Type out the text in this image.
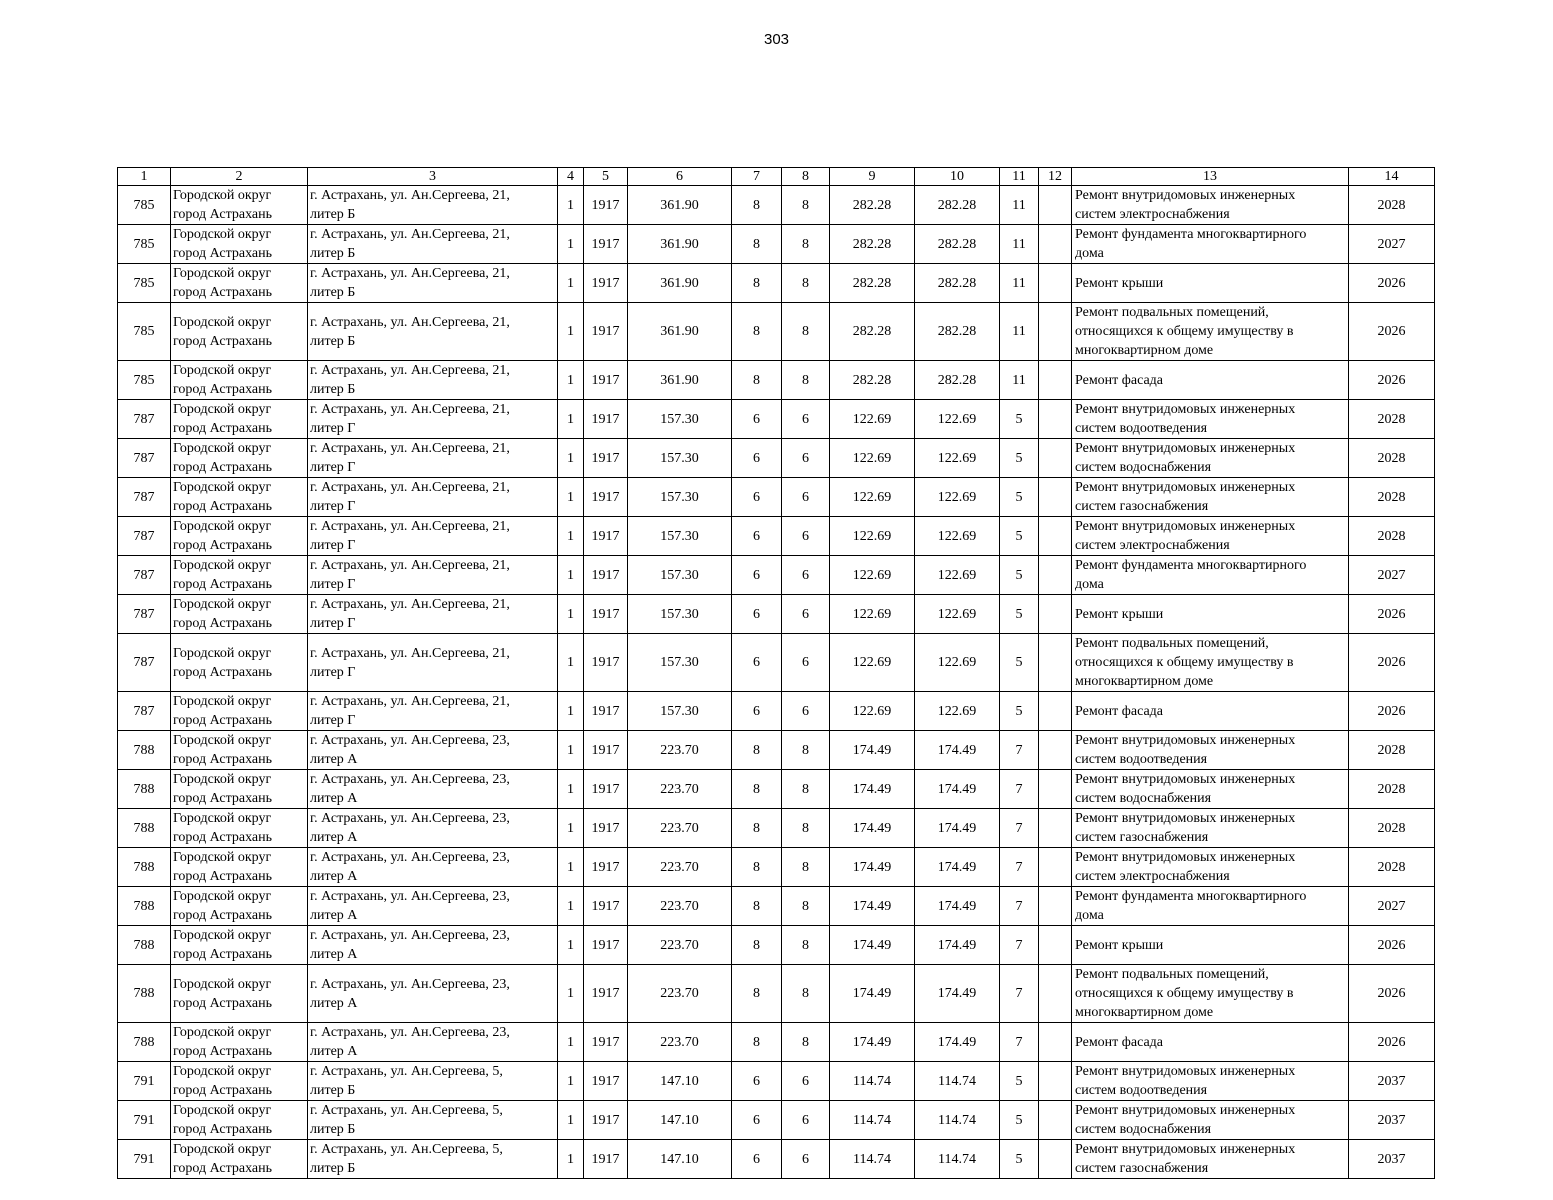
303
1	2	3	4	5	6	7	8	9	10	11	12	13	14
785	Городской округ
город Астрахань	г. Астрахань, ул. Ан.Сергеева, 21,
литер Б	1	1917	361.90	8	8	282.28	282.28	11		Ремонт внутридомовых инженерных
систем электроснабжения	2028
785	Городской округ
город Астрахань	г. Астрахань, ул. Ан.Сергеева, 21,
литер Б	1	1917	361.90	8	8	282.28	282.28	11		Ремонт фундамента многоквартирного
дома	2027
785	Городской округ
город Астрахань	г. Астрахань, ул. Ан.Сергеева, 21,
литер Б	1	1917	361.90	8	8	282.28	282.28	11		Ремонт крыши	2026
785	Городской округ
город Астрахань	г. Астрахань, ул. Ан.Сергеева, 21,
литер Б	1	1917	361.90	8	8	282.28	282.28	11		Ремонт подвальных помещений,
относящихся к общему имуществу в
многоквартирном доме	2026
785	Городской округ
город Астрахань	г. Астрахань, ул. Ан.Сергеева, 21,
литер Б	1	1917	361.90	8	8	282.28	282.28	11		Ремонт фасада	2026
787	Городской округ
город Астрахань	г. Астрахань, ул. Ан.Сергеева, 21,
литер Г	1	1917	157.30	6	6	122.69	122.69	5		Ремонт внутридомовых инженерных
систем водоотведения	2028
787	Городской округ
город Астрахань	г. Астрахань, ул. Ан.Сергеева, 21,
литер Г	1	1917	157.30	6	6	122.69	122.69	5		Ремонт внутридомовых инженерных
систем водоснабжения	2028
787	Городской округ
город Астрахань	г. Астрахань, ул. Ан.Сергеева, 21,
литер Г	1	1917	157.30	6	6	122.69	122.69	5		Ремонт внутридомовых инженерных
систем газоснабжения	2028
787	Городской округ
город Астрахань	г. Астрахань, ул. Ан.Сергеева, 21,
литер Г	1	1917	157.30	6	6	122.69	122.69	5		Ремонт внутридомовых инженерных
систем электроснабжения	2028
787	Городской округ
город Астрахань	г. Астрахань, ул. Ан.Сергеева, 21,
литер Г	1	1917	157.30	6	6	122.69	122.69	5		Ремонт фундамента многоквартирного
дома	2027
787	Городской округ
город Астрахань	г. Астрахань, ул. Ан.Сергеева, 21,
литер Г	1	1917	157.30	6	6	122.69	122.69	5		Ремонт крыши	2026
787	Городской округ
город Астрахань	г. Астрахань, ул. Ан.Сергеева, 21,
литер Г	1	1917	157.30	6	6	122.69	122.69	5		Ремонт подвальных помещений,
относящихся к общему имуществу в
многоквартирном доме	2026
787	Городской округ
город Астрахань	г. Астрахань, ул. Ан.Сергеева, 21,
литер Г	1	1917	157.30	6	6	122.69	122.69	5		Ремонт фасада	2026
788	Городской округ
город Астрахань	г. Астрахань, ул. Ан.Сергеева, 23,
литер А	1	1917	223.70	8	8	174.49	174.49	7		Ремонт внутридомовых инженерных
систем водоотведения	2028
788	Городской округ
город Астрахань	г. Астрахань, ул. Ан.Сергеева, 23,
литер А	1	1917	223.70	8	8	174.49	174.49	7		Ремонт внутридомовых инженерных
систем водоснабжения	2028
788	Городской округ
город Астрахань	г. Астрахань, ул. Ан.Сергеева, 23,
литер А	1	1917	223.70	8	8	174.49	174.49	7		Ремонт внутридомовых инженерных
систем газоснабжения	2028
788	Городской округ
город Астрахань	г. Астрахань, ул. Ан.Сергеева, 23,
литер А	1	1917	223.70	8	8	174.49	174.49	7		Ремонт внутридомовых инженерных
систем электроснабжения	2028
788	Городской округ
город Астрахань	г. Астрахань, ул. Ан.Сергеева, 23,
литер А	1	1917	223.70	8	8	174.49	174.49	7		Ремонт фундамента многоквартирного
дома	2027
788	Городской округ
город Астрахань	г. Астрахань, ул. Ан.Сергеева, 23,
литер А	1	1917	223.70	8	8	174.49	174.49	7		Ремонт крыши	2026
788	Городской округ
город Астрахань	г. Астрахань, ул. Ан.Сергеева, 23,
литер А	1	1917	223.70	8	8	174.49	174.49	7		Ремонт подвальных помещений,
относящихся к общему имуществу в
многоквартирном доме	2026
788	Городской округ
город Астрахань	г. Астрахань, ул. Ан.Сергеева, 23,
литер А	1	1917	223.70	8	8	174.49	174.49	7		Ремонт фасада	2026
791	Городской округ
город Астрахань	г. Астрахань, ул. Ан.Сергеева, 5,
литер Б	1	1917	147.10	6	6	114.74	114.74	5		Ремонт внутридомовых инженерных
систем водоотведения	2037
791	Городской округ
город Астрахань	г. Астрахань, ул. Ан.Сергеева, 5,
литер Б	1	1917	147.10	6	6	114.74	114.74	5		Ремонт внутридомовых инженерных
систем водоснабжения	2037
791	Городской округ
город Астрахань	г. Астрахань, ул. Ан.Сергеева, 5,
литер Б	1	1917	147.10	6	6	114.74	114.74	5		Ремонт внутридомовых инженерных
систем газоснабжения	2037
